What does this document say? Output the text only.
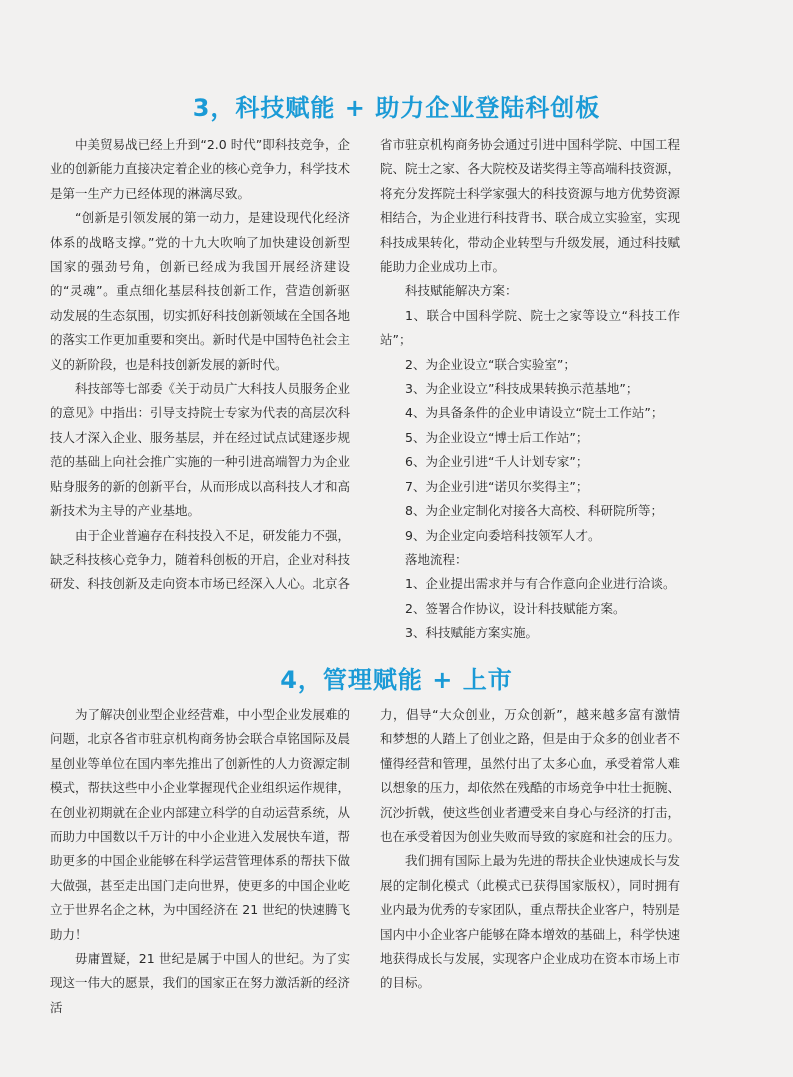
3，科技赋能 + 助力企业登陆科创板

中美贸易战已经上升到“2.0 时代”即科技竞争，企业的创新能力直接决定着企业的核心竞争力，科学技术是第一生产力已经体现的淋漓尽致。

“创新是引领发展的第一动力，是建设现代化经济体系的战略支撑。”党的十九大吹响了加快建设创新型国家的强劲号角，创新已经成为我国开展经济建设的“灵魂”。重点细化基层科技创新工作，营造创新驱动发展的生态氛围，切实抓好科技创新领域在全国各地的落实工作更加重要和突出。新时代是中国特色社会主义的新阶段，也是科技创新发展的新时代。

科技部等七部委《关于动员广大科技人员服务企业的意见》中指出：引导支持院士专家为代表的高层次科技人才深入企业、服务基层，并在经过试点试建逐步规范的基础上向社会推广实施的一种引进高端智力为企业贴身服务的新的创新平台，从而形成以高科技人才和高新技术为主导的产业基地。

由于企业普遍存在科技投入不足，研发能力不强，缺乏科技核心竞争力，随着科创板的开启，企业对科技研发、科技创新及走向资本市场已经深入人心。北京各

省市驻京机构商务协会通过引进中国科学院、中国工程院、院士之家、各大院校及诺奖得主等高端科技资源，将充分发挥院士科学家强大的科技资源与地方优势资源相结合，为企业进行科技背书、联合成立实验室，实现科技成果转化，带动企业转型与升级发展，通过科技赋能助力企业成功上市。

科技赋能解决方案：

1、联合中国科学院、院士之家等设立“科技工作站”；

2、为企业设立“联合实验室”；

3、为企业设立”科技成果转换示范基地”；

4、为具备条件的企业申请设立“院士工作站”；

5、为企业设立“博士后工作站”；

6、为企业引进“千人计划专家”；

7、为企业引进“诺贝尔奖得主”；

8、为企业定制化对接各大高校、科研院所等；

9、为企业定向委培科技领军人才。

落地流程：

1、企业提出需求并与有合作意向企业进行洽谈。

2、签署合作协议，设计科技赋能方案。

3、科技赋能方案实施。

4，管理赋能 + 上市

为了解决创业型企业经营难，中小型企业发展难的问题，北京各省市驻京机构商务协会联合卓铭国际及晨星创业等单位在国内率先推出了创新性的人力资源定制模式，帮扶这些中小企业掌握现代企业组织运作规律，在创业初期就在企业内部建立科学的自动运营系统，从而助力中国数以千万计的中小企业进入发展快车道，帮助更多的中国企业能够在科学运营管理体系的帮扶下做大做强，甚至走出国门走向世界，使更多的中国企业屹立于世界名企之林，为中国经济在 21 世纪的快速腾飞助力！

毋庸置疑，21 世纪是属于中国人的世纪。为了实现这一伟大的愿景，我们的国家正在努力激活新的经济活

力，倡导“大众创业，万众创新”，越来越多富有激情和梦想的人踏上了创业之路，但是由于众多的创业者不懂得经营和管理，虽然付出了太多心血，承受着常人难以想象的压力，却依然在残酷的市场竞争中壮士扼腕、沉沙折戟，使这些创业者遭受来自身心与经济的打击，也在承受着因为创业失败而导致的家庭和社会的压力。

我们拥有国际上最为先进的帮扶企业快速成长与发展的定制化模式（此模式已获得国家版权），同时拥有业内最为优秀的专家团队，重点帮扶企业客户，特别是国内中小企业客户能够在降本增效的基础上，科学快速地获得成长与发展，实现客户企业成功在资本市场上市的目标。
